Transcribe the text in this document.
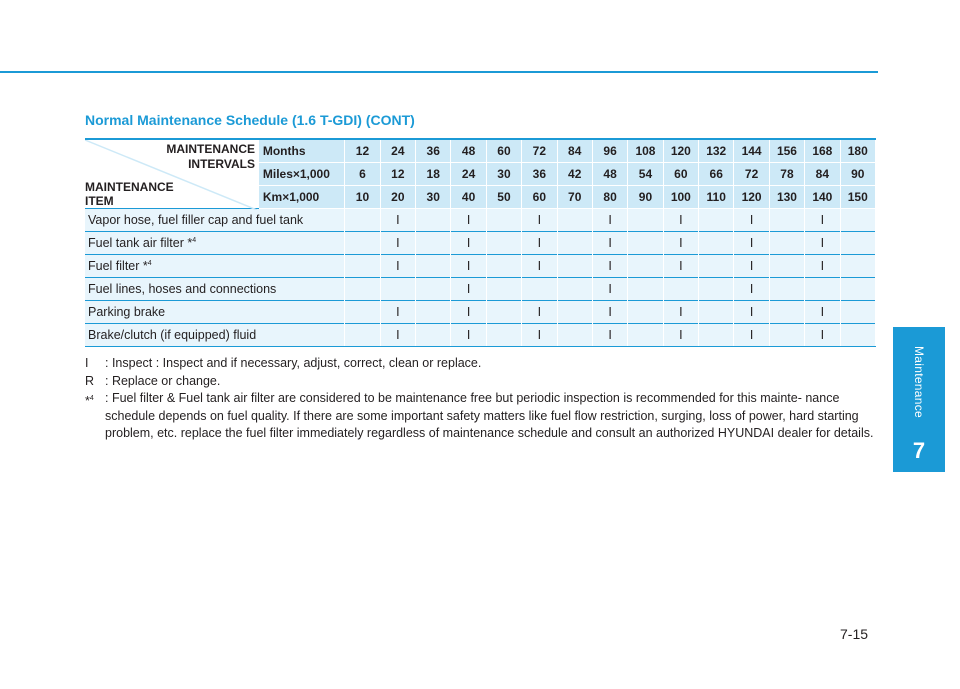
Maintenance
7
Normal Maintenance Schedule (1.6 T-GDI) (CONT)
MAINTENANCE
INTERVALS
MAINTENANCE
ITEM	Months	12	24	36	48	60	72	84	96	108	120	132	144	156	168	180
	Miles×1,000	6	12	18	24	30	36	42	48	54	60	66	72	78	84	90
	Km×1,000	10	20	30	40	50	60	70	80	90	100	110	120	130	140	150
Vapor hose, fuel filler cap and fuel tank			I		I		I		I		I		I		I	
Fuel tank air filter *$^4$			I		I		I		I		I		I		I	
Fuel filter *$^4$			I		I		I		I		I		I		I	
Fuel lines, hoses and connections					I				I				I			
Parking brake			I		I		I		I		I		I		I	
Brake/clutch (if equipped) fluid			I		I		I		I		I		I		I	
I	: Inspect : Inspect and if necessary, adjust, correct, clean or replace.
R : Replace or change.
*$^4$ : Fuel filter & Fuel tank air filter are considered to be maintenance free but periodic inspection is recommended for this mainte- nance schedule depends on fuel quality. If there are some important safety matters like fuel flow restriction, surging, loss of power, hard starting problem, etc. replace the fuel filter immediately regardless of maintenance schedule and consult an authorized HYUNDAI dealer for details.
7-15
